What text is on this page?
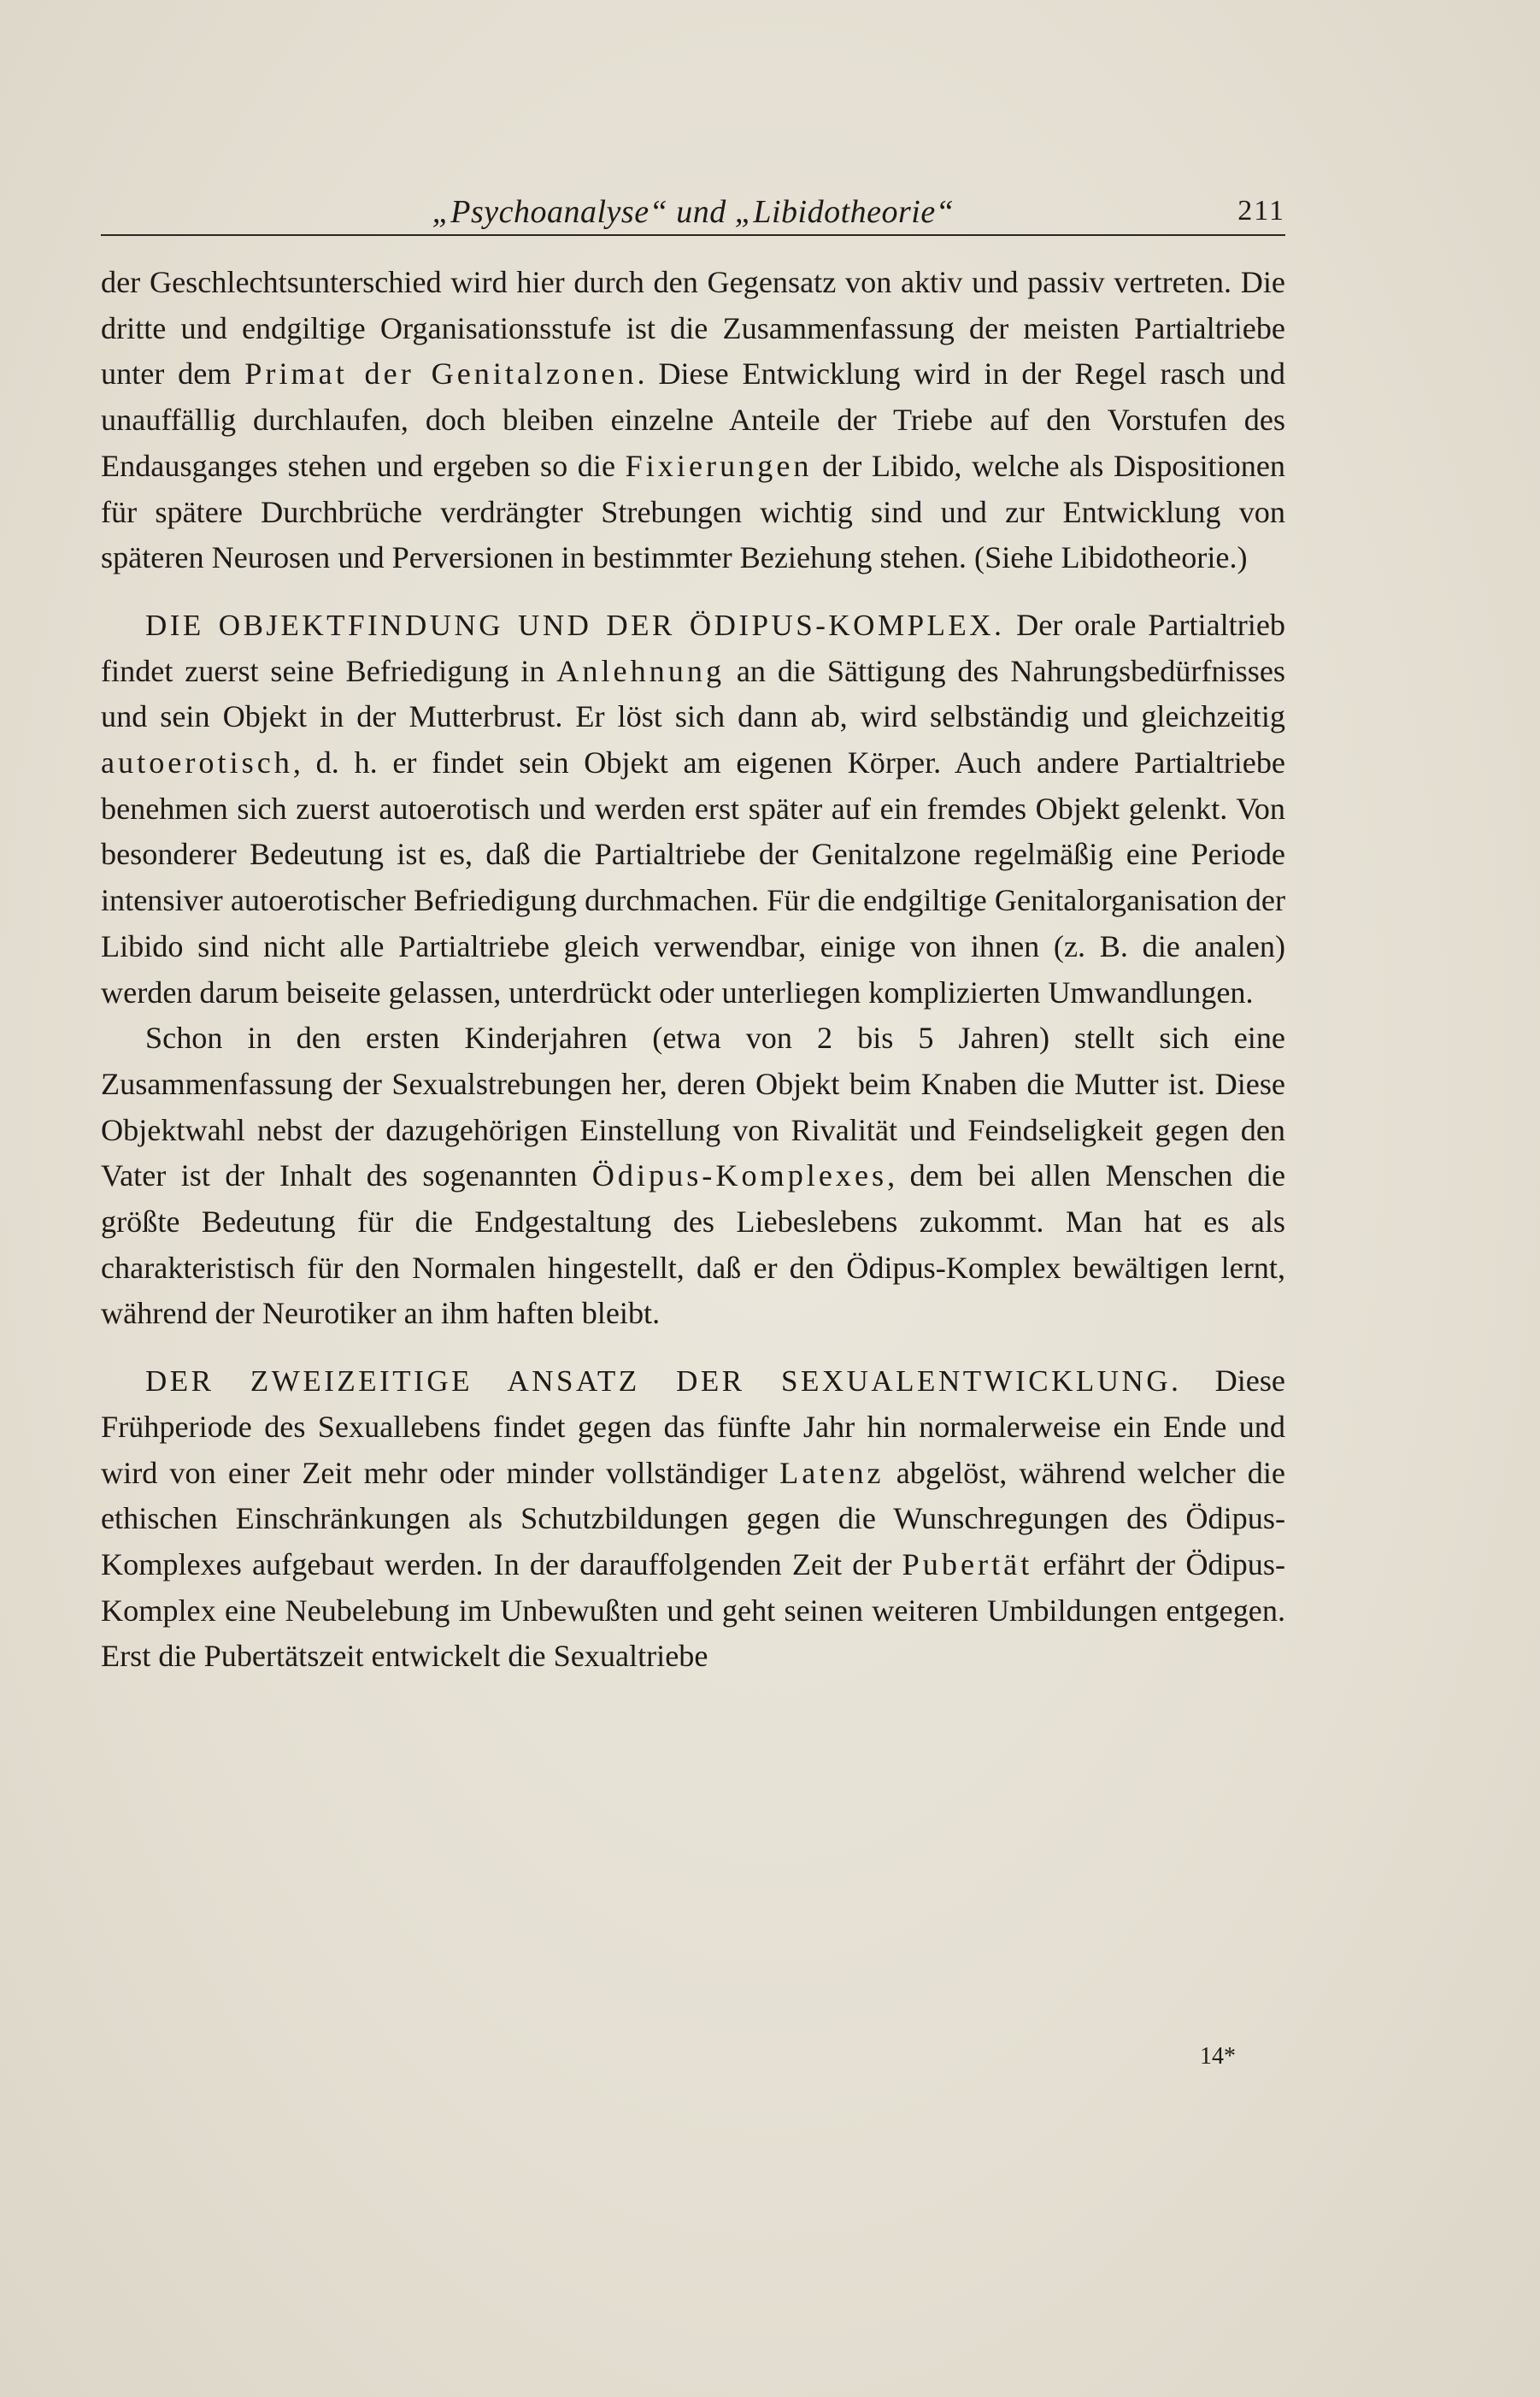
„Psychoanalyse“ und „Libidotheorie“	211

der Geschlechtsunterschied wird hier durch den Gegensatz von aktiv und passiv vertreten. Die dritte und endgiltige Organisationsstufe ist die Zusammenfassung der meisten Partialtriebe unter dem Primat der Genitalzonen. Diese Entwicklung wird in der Regel rasch und unauffällig durchlaufen, doch bleiben einzelne Anteile der Triebe auf den Vorstufen des Endausganges stehen und ergeben so die Fixierungen der Libido, welche als Dispositionen für spätere Durchbrüche verdrängter Strebungen wichtig sind und zur Entwicklung von späteren Neurosen und Perversionen in bestimmter Beziehung stehen. (Siehe Libidotheorie.)

DIE OBJEKTFINDUNG UND DER ÖDIPUS-KOMPLEX. Der orale Partialtrieb findet zuerst seine Befriedigung in Anlehnung an die Sättigung des Nahrungsbedürfnisses und sein Objekt in der Mutterbrust. Er löst sich dann ab, wird selbständig und gleichzeitig autoerotisch, d. h. er findet sein Objekt am eigenen Körper. Auch andere Partialtriebe benehmen sich zuerst autoerotisch und werden erst später auf ein fremdes Objekt gelenkt. Von besonderer Bedeutung ist es, daß die Partialtriebe der Genitalzone regelmäßig eine Periode intensiver autoerotischer Befriedigung durchmachen. Für die endgiltige Genitalorganisation der Libido sind nicht alle Partialtriebe gleich verwendbar, einige von ihnen (z. B. die analen) werden darum beiseite gelassen, unterdrückt oder unterliegen komplizierten Umwandlungen.

Schon in den ersten Kinderjahren (etwa von 2 bis 5 Jahren) stellt sich eine Zusammenfassung der Sexualstrebungen her, deren Objekt beim Knaben die Mutter ist. Diese Objektwahl nebst der dazugehörigen Einstellung von Rivalität und Feindseligkeit gegen den Vater ist der Inhalt des sogenannten Ödipus-Komplexes, dem bei allen Menschen die größte Bedeutung für die Endgestaltung des Liebeslebens zukommt. Man hat es als charakteristisch für den Normalen hingestellt, daß er den Ödipus-Komplex bewältigen lernt, während der Neurotiker an ihm haften bleibt.

DER ZWEIZEITIGE ANSATZ DER SEXUALENTWICKLUNG. Diese Frühperiode des Sexuallebens findet gegen das fünfte Jahr hin normalerweise ein Ende und wird von einer Zeit mehr oder minder vollständiger Latenz abgelöst, während welcher die ethischen Einschränkungen als Schutzbildungen gegen die Wunschregungen des Ödipus-Komplexes aufgebaut werden. In der darauffolgenden Zeit der Pubertät erfährt der Ödipus-Komplex eine Neubelebung im Unbewußten und geht seinen weiteren Umbildungen entgegen. Erst die Pubertätszeit entwickelt die Sexualtriebe

14*
